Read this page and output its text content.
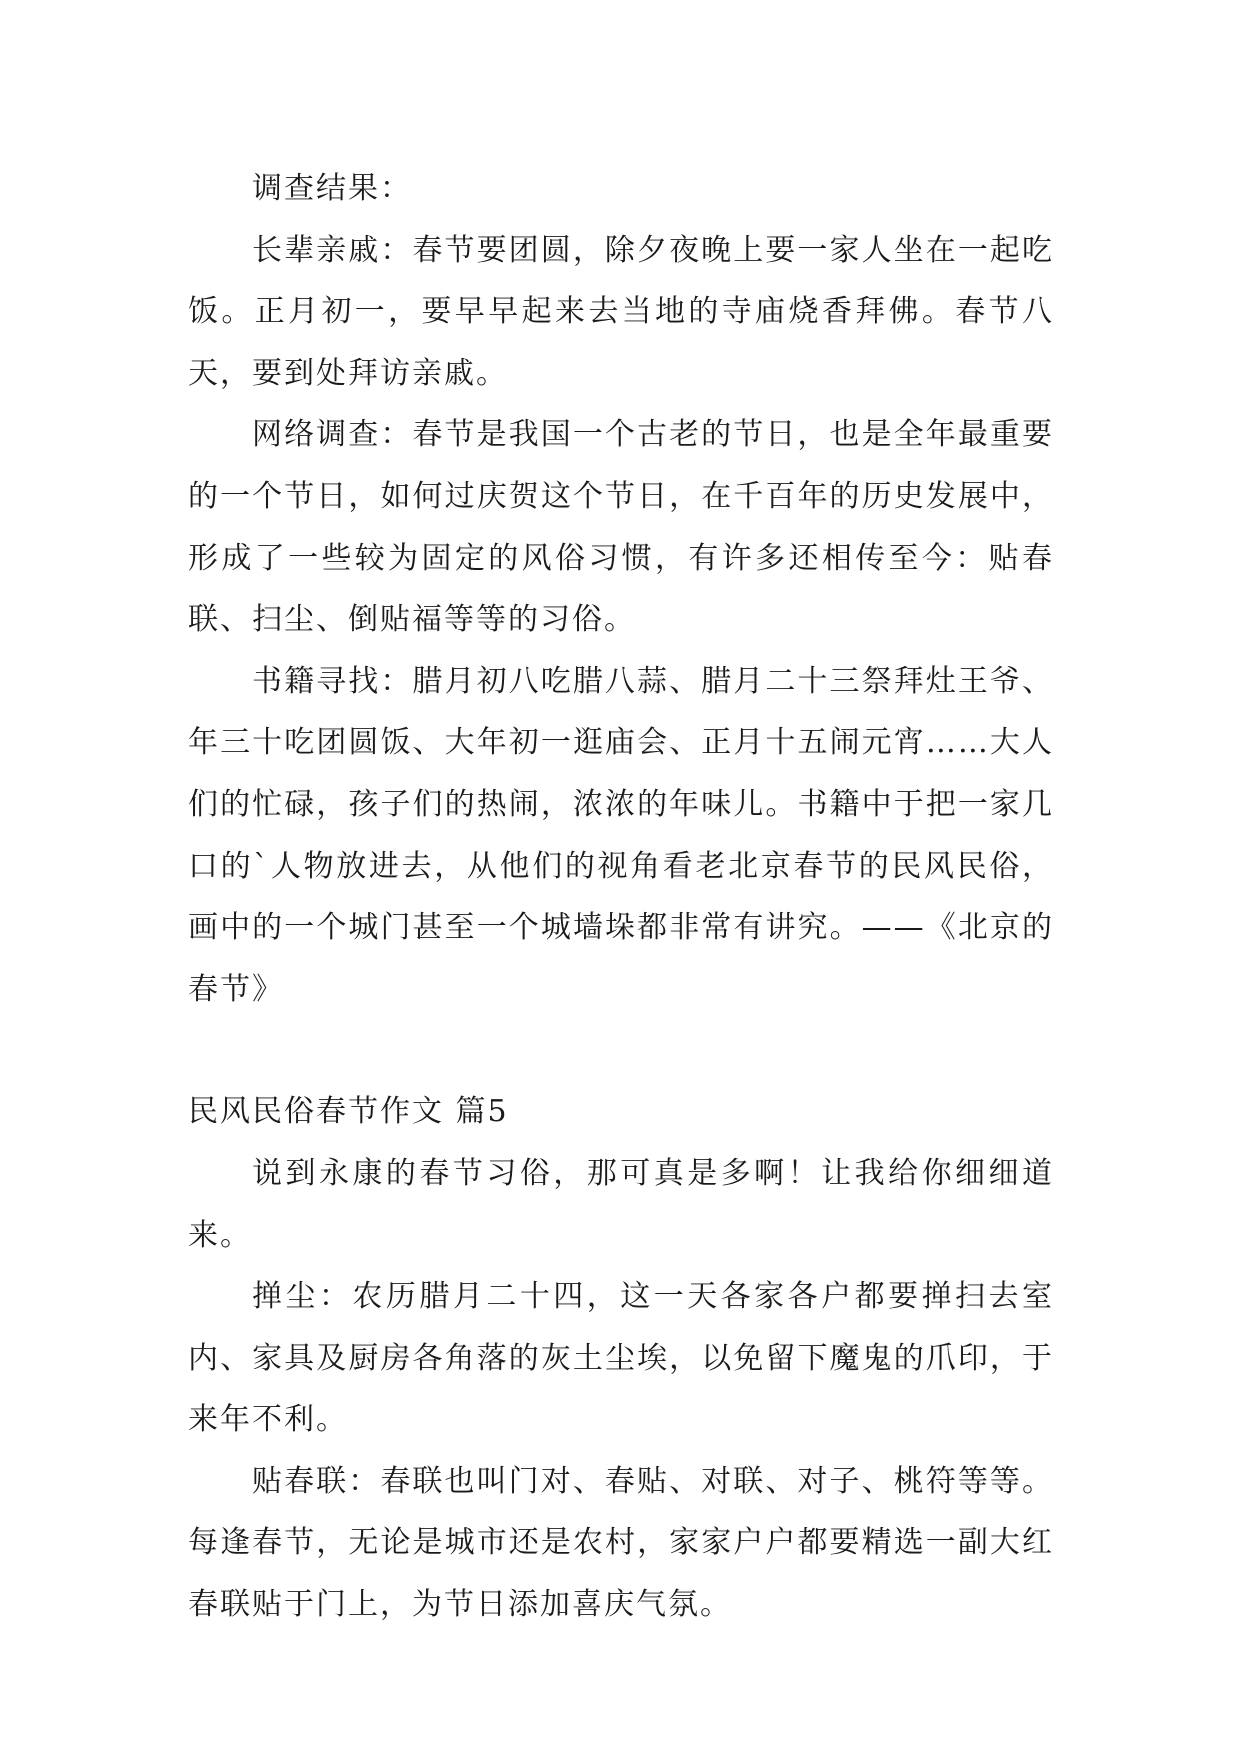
调查结果：

长辈亲戚：春节要团圆，除夕夜晚上要一家人坐在一起吃饭。正月初一，要早早起来去当地的寺庙烧香拜佛。春节八天，要到处拜访亲戚。

网络调查：春节是我国一个古老的节日，也是全年最重要的一个节日，如何过庆贺这个节日，在千百年的历史发展中，形成了一些较为固定的风俗习惯，有许多还相传至今：贴春联、扫尘、倒贴福等等的习俗。

书籍寻找：腊月初八吃腊八蒜、腊月二十三祭拜灶王爷、年三十吃团圆饭、大年初一逛庙会、正月十五闹元宵……大人们的忙碌，孩子们的热闹，浓浓的年味儿。书籍中于把一家几口的`人物放进去，从他们的视角看老北京春节的民风民俗，画中的一个城门甚至一个城墙垛都非常有讲究。——《北京的春节》

民风民俗春节作文 篇5

说到永康的春节习俗，那可真是多啊！让我给你细细道来。

掸尘：农历腊月二十四，这一天各家各户都要掸扫去室内、家具及厨房各角落的灰土尘埃，以免留下魔鬼的爪印，于来年不利。

贴春联：春联也叫门对、春贴、对联、对子、桃符等等。每逢春节，无论是城市还是农村，家家户户都要精选一副大红春联贴于门上，为节日添加喜庆气氛。
